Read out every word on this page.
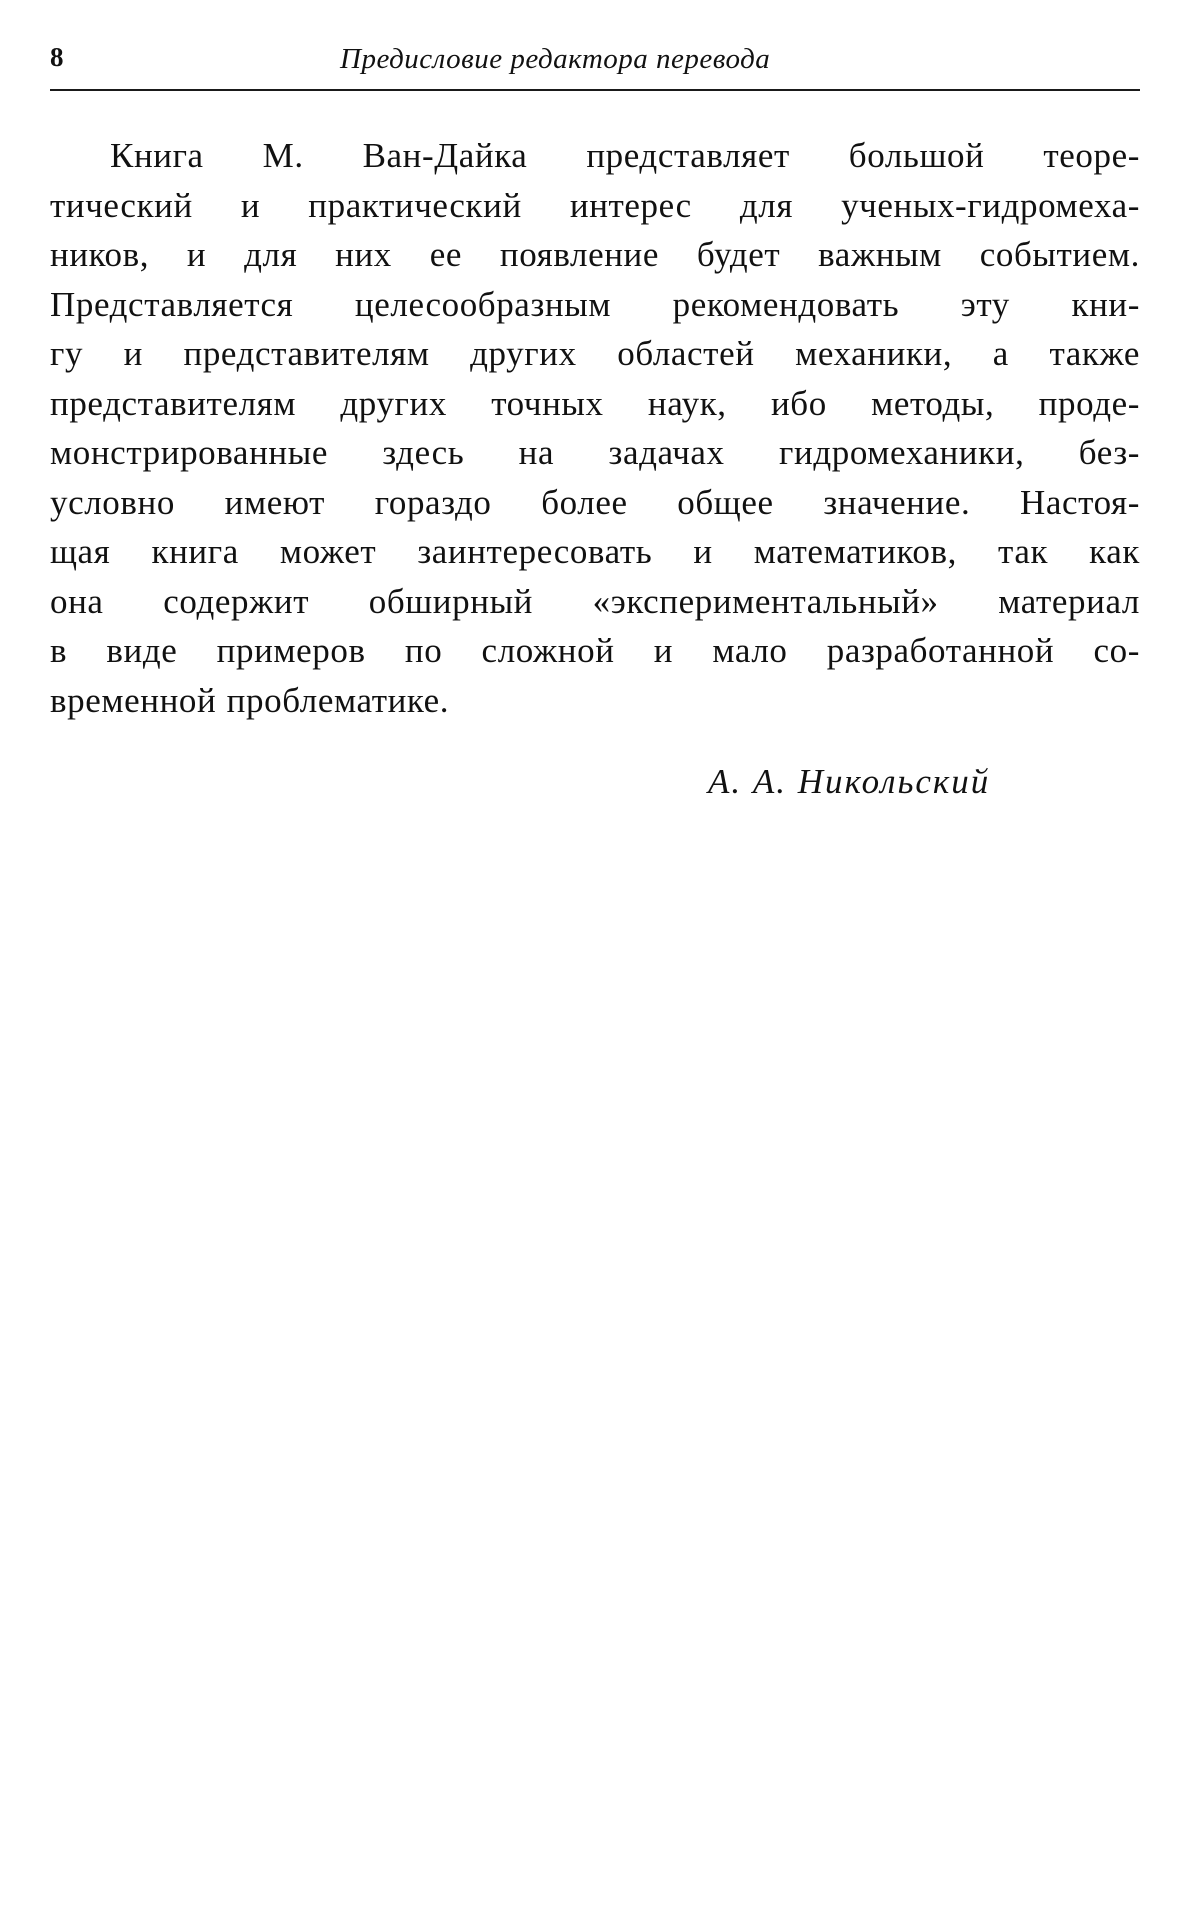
8	Предисловие редактора перевода
Книга М. Ван-Дайка представляет большой теоре-
тический и практический интерес для ученых-гидромеха-
ников, и для них ее появление будет важным событием.
Представляется целесообразным рекомендовать эту кни-
гу и представителям других областей механики, а также
представителям других точных наук, ибо методы, продe-
монстрированные здесь на задачах гидромеханики, без-
условно имеют гораздо более общее значение. Настоя-
щая книга может заинтересовать и математиков, так как
она содержит обширный «экспериментальный» материал
в виде примеров по сложной и мало разработанной со-
временной проблематике.
А. А. Никольский
